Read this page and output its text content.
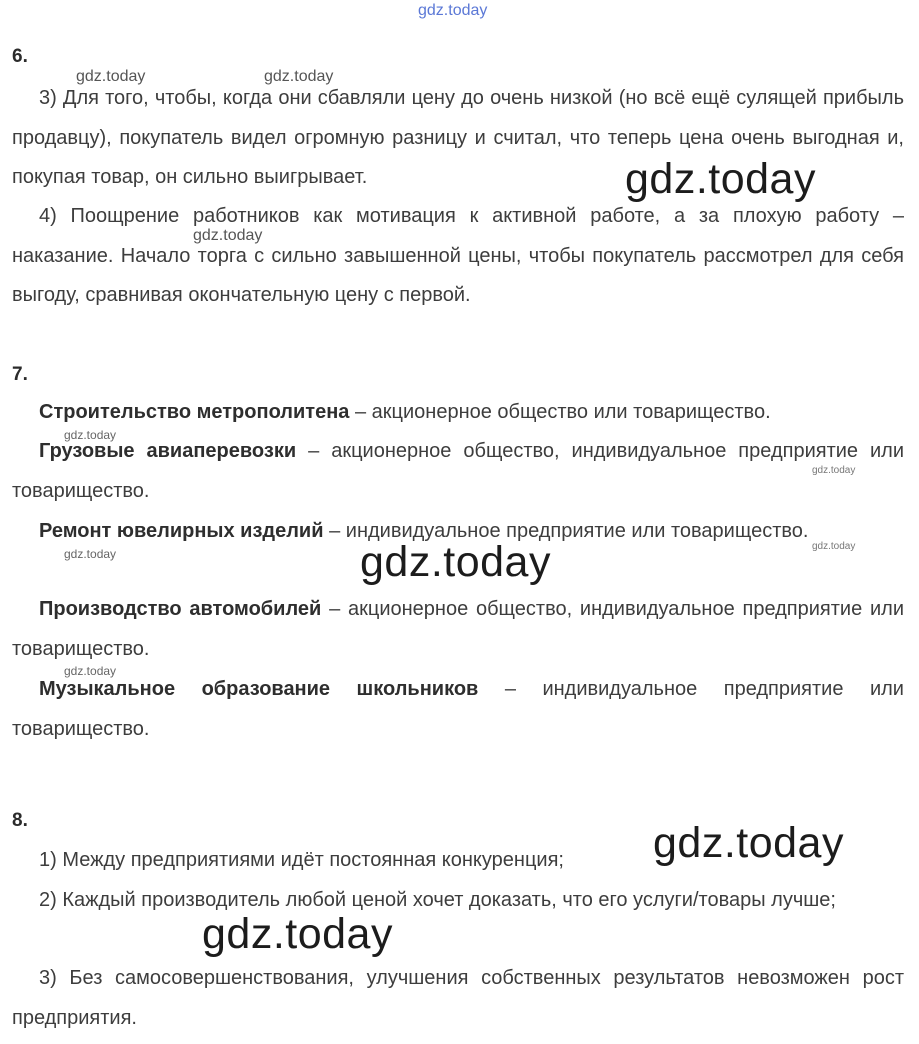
gdz.today

6.

3) Для того, чтобы, когда они сбавляли цену до очень низкой (но всё ещё сулящей прибыль продавцу), покупатель видел огромную разницу и считал, что теперь цена очень выгодная и, покупая товар, он сильно выигрывает.

4) Поощрение работников как мотивация к активной работе, а за плохую работу – наказание. Начало торга с сильно завышенной цены, чтобы покупатель рассмотрел для себя выгоду, сравнивая окончательную цену с первой.

7.

Строительство метрополитена – акционерное общество или товарищество.

Грузовые авиаперевозки – акционерное общество, индивидуальное предприятие или товарищество.

Ремонт ювелирных изделий – индивидуальное предприятие или товарищество.

Производство автомобилей – акционерное общество, индивидуальное предприятие или товарищество.

Музыкальное образование школьников – индивидуальное предприятие или товарищество.

8.

1) Между предприятиями идёт постоянная конкуренция;

2) Каждый производитель любой ценой хочет доказать, что его услуги/товары лучше;

3) Без самосовершенствования, улучшения собственных результатов невозможен рост предприятия.

gdz.today	gdz.today
gdz.today
gdz.today
gdz.today
gdz.today
gdz.today
gdz.today	gdz.today
gdz.today
gdz.today
gdz.today
